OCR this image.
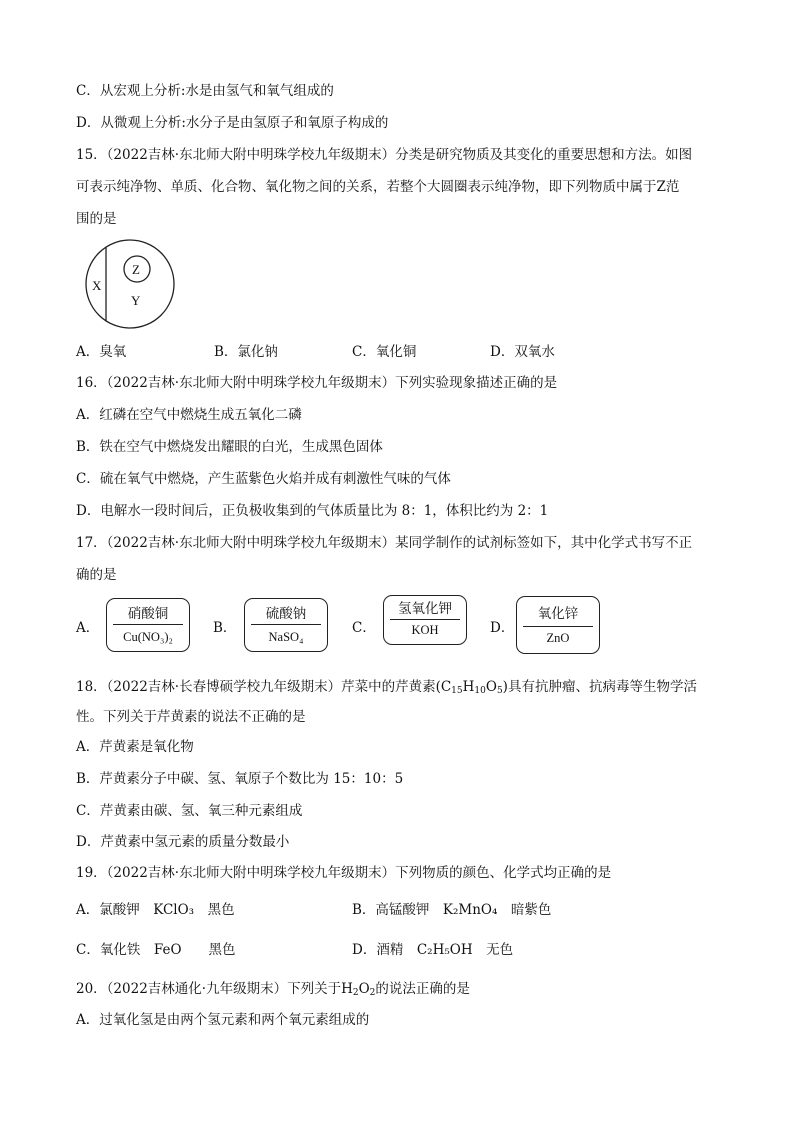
C．从宏观上分析:水是由氢气和氧气组成的
D．从微观上分析:水分子是由氢原子和氧原子构成的
15．（2022吉林·东北师大附中明珠学校九年级期末）分类是研究物质及其变化的重要思想和方法。如图
可表示纯净物、单质、化合物、氧化物之间的关系，若整个大圆圈表示纯净物，即下列物质中属于Z范
围的是
X
Z
Y
A．臭氧	B．氯化钠	C．氧化铜	D．双氧水
16．（2022吉林·东北师大附中明珠学校九年级期末）下列实验现象描述正确的是
A．红磷在空气中燃烧生成五氧化二磷
B．铁在空气中燃烧发出耀眼的白光，生成黑色固体
C．硫在氧气中燃烧，产生蓝紫色火焰并成有刺激性气味的气体
D．电解水一段时间后，正负极收集到的气体质量比为 8：1，体积比约为 2：1
17．（2022吉林·东北师大附中明珠学校九年级期末）某同学制作的试剂标签如下，其中化学式书写不正
确的是
A．
硝酸铜
Cu(NO₃)₂
B．
硫酸钠
NaSO₄
C．
氢氧化钾
KOH	D．
氧化锌
ZnO
18．（2022吉林·长春博硕学校九年级期末）芹菜中的芹黄素$(C_{15}H_{10}O_5)$具有抗肿瘤、抗病毒等生物学活
性。下列关于芹黄素的说法不正确的是
A．芹黄素是氧化物
B．芹黄素分子中碳、氢、氧原子个数比为 15：10：5
C．芹黄素由碳、氢、氧三种元素组成
D．芹黄素中氢元素的质量分数最小
19．（2022吉林·东北师大附中明珠学校九年级期末）下列物质的颜色、化学式均正确的是
A．氯酸钾　KClO₃　黑色	B．高锰酸钾　K₂MnO₄　暗紫色
C．氧化铁　FeO　　黑色	D．酒精　C₂H₅OH　无色
20．（2022吉林通化·九年级期末）下列关于$H_2O_2$的说法正确的是
A．过氧化氢是由两个氢元素和两个氧元素组成的
